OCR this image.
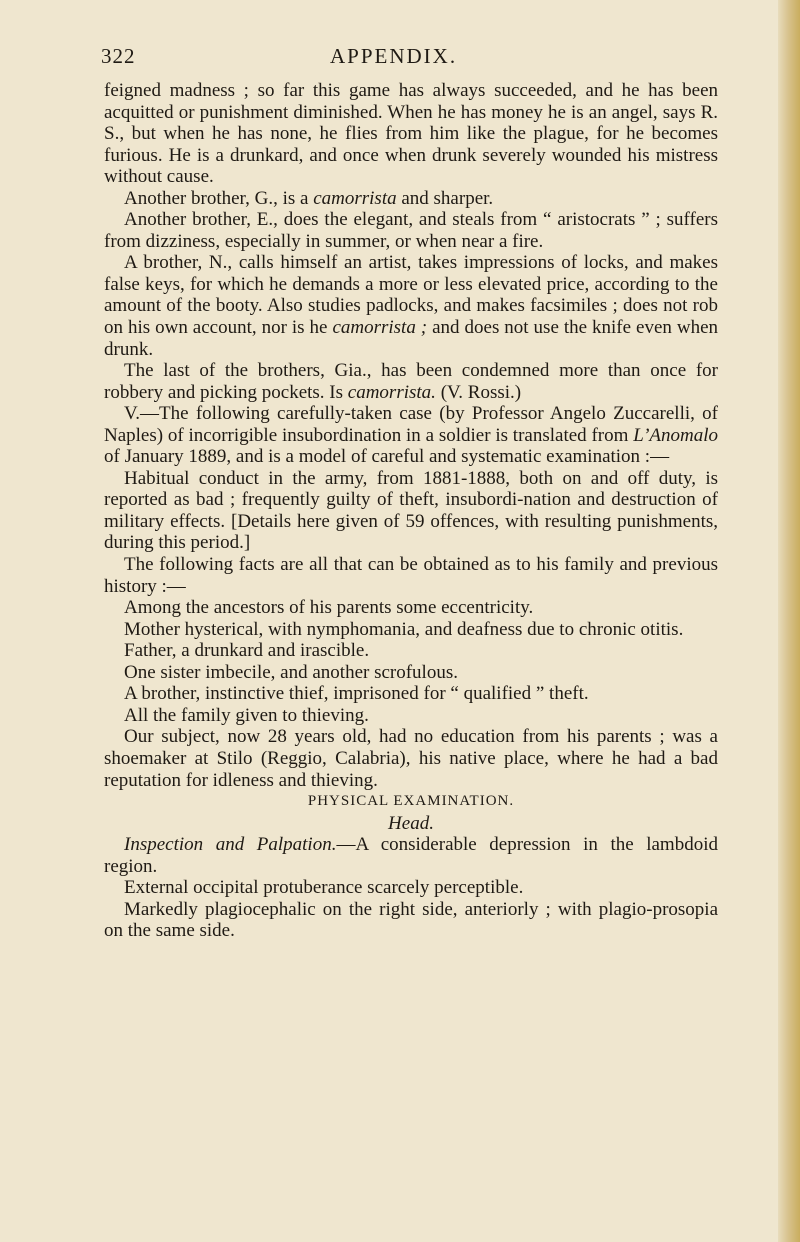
322	APPENDIX.

feigned madness ; so far this game has always succeeded, and he has been acquitted or punishment diminished. When he has money he is an angel, says R. S., but when he has none, he flies from him like the plague, for he becomes furious. He is a drunkard, and once when drunk severely wounded his mistress without cause.

Another brother, G., is a camorrista and sharper.

Another brother, E., does the elegant, and steals from “ aristocrats ” ; suffers from dizziness, especially in summer, or when near a fire.

A brother, N., calls himself an artist, takes impressions of locks, and makes false keys, for which he demands a more or less elevated price, according to the amount of the booty. Also studies padlocks, and makes facsimiles ; does not rob on his own account, nor is he camorrista ; and does not use the knife even when drunk.

The last of the brothers, Gia., has been condemned more than once for robbery and picking pockets. Is camorrista. (V. Rossi.)

V.—The following carefully-taken case (by Professor Angelo Zuccarelli, of Naples) of incorrigible insubordination in a soldier is translated from L’Anomalo of January 1889, and is a model of careful and systematic examination :—

Habitual conduct in the army, from 1881-1888, both on and off duty, is reported as bad ; frequently guilty of theft, insubordi-nation and destruction of military effects. [Details here given of 59 offences, with resulting punishments, during this period.]

The following facts are all that can be obtained as to his family and previous history :—

Among the ancestors of his parents some eccentricity.

Mother hysterical, with nymphomania, and deafness due to chronic otitis.

Father, a drunkard and irascible.

One sister imbecile, and another scrofulous.

A brother, instinctive thief, imprisoned for “ qualified ” theft.

All the family given to thieving.

Our subject, now 28 years old, had no education from his parents ; was a shoemaker at Stilo (Reggio, Calabria), his native place, where he had a bad reputation for idleness and thieving.

PHYSICAL EXAMINATION.

Head.

Inspection and Palpation.—A considerable depression in the lambdoid region.

External occipital protuberance scarcely perceptible.

Markedly plagiocephalic on the right side, anteriorly ; with plagio-prosopia on the same side.
